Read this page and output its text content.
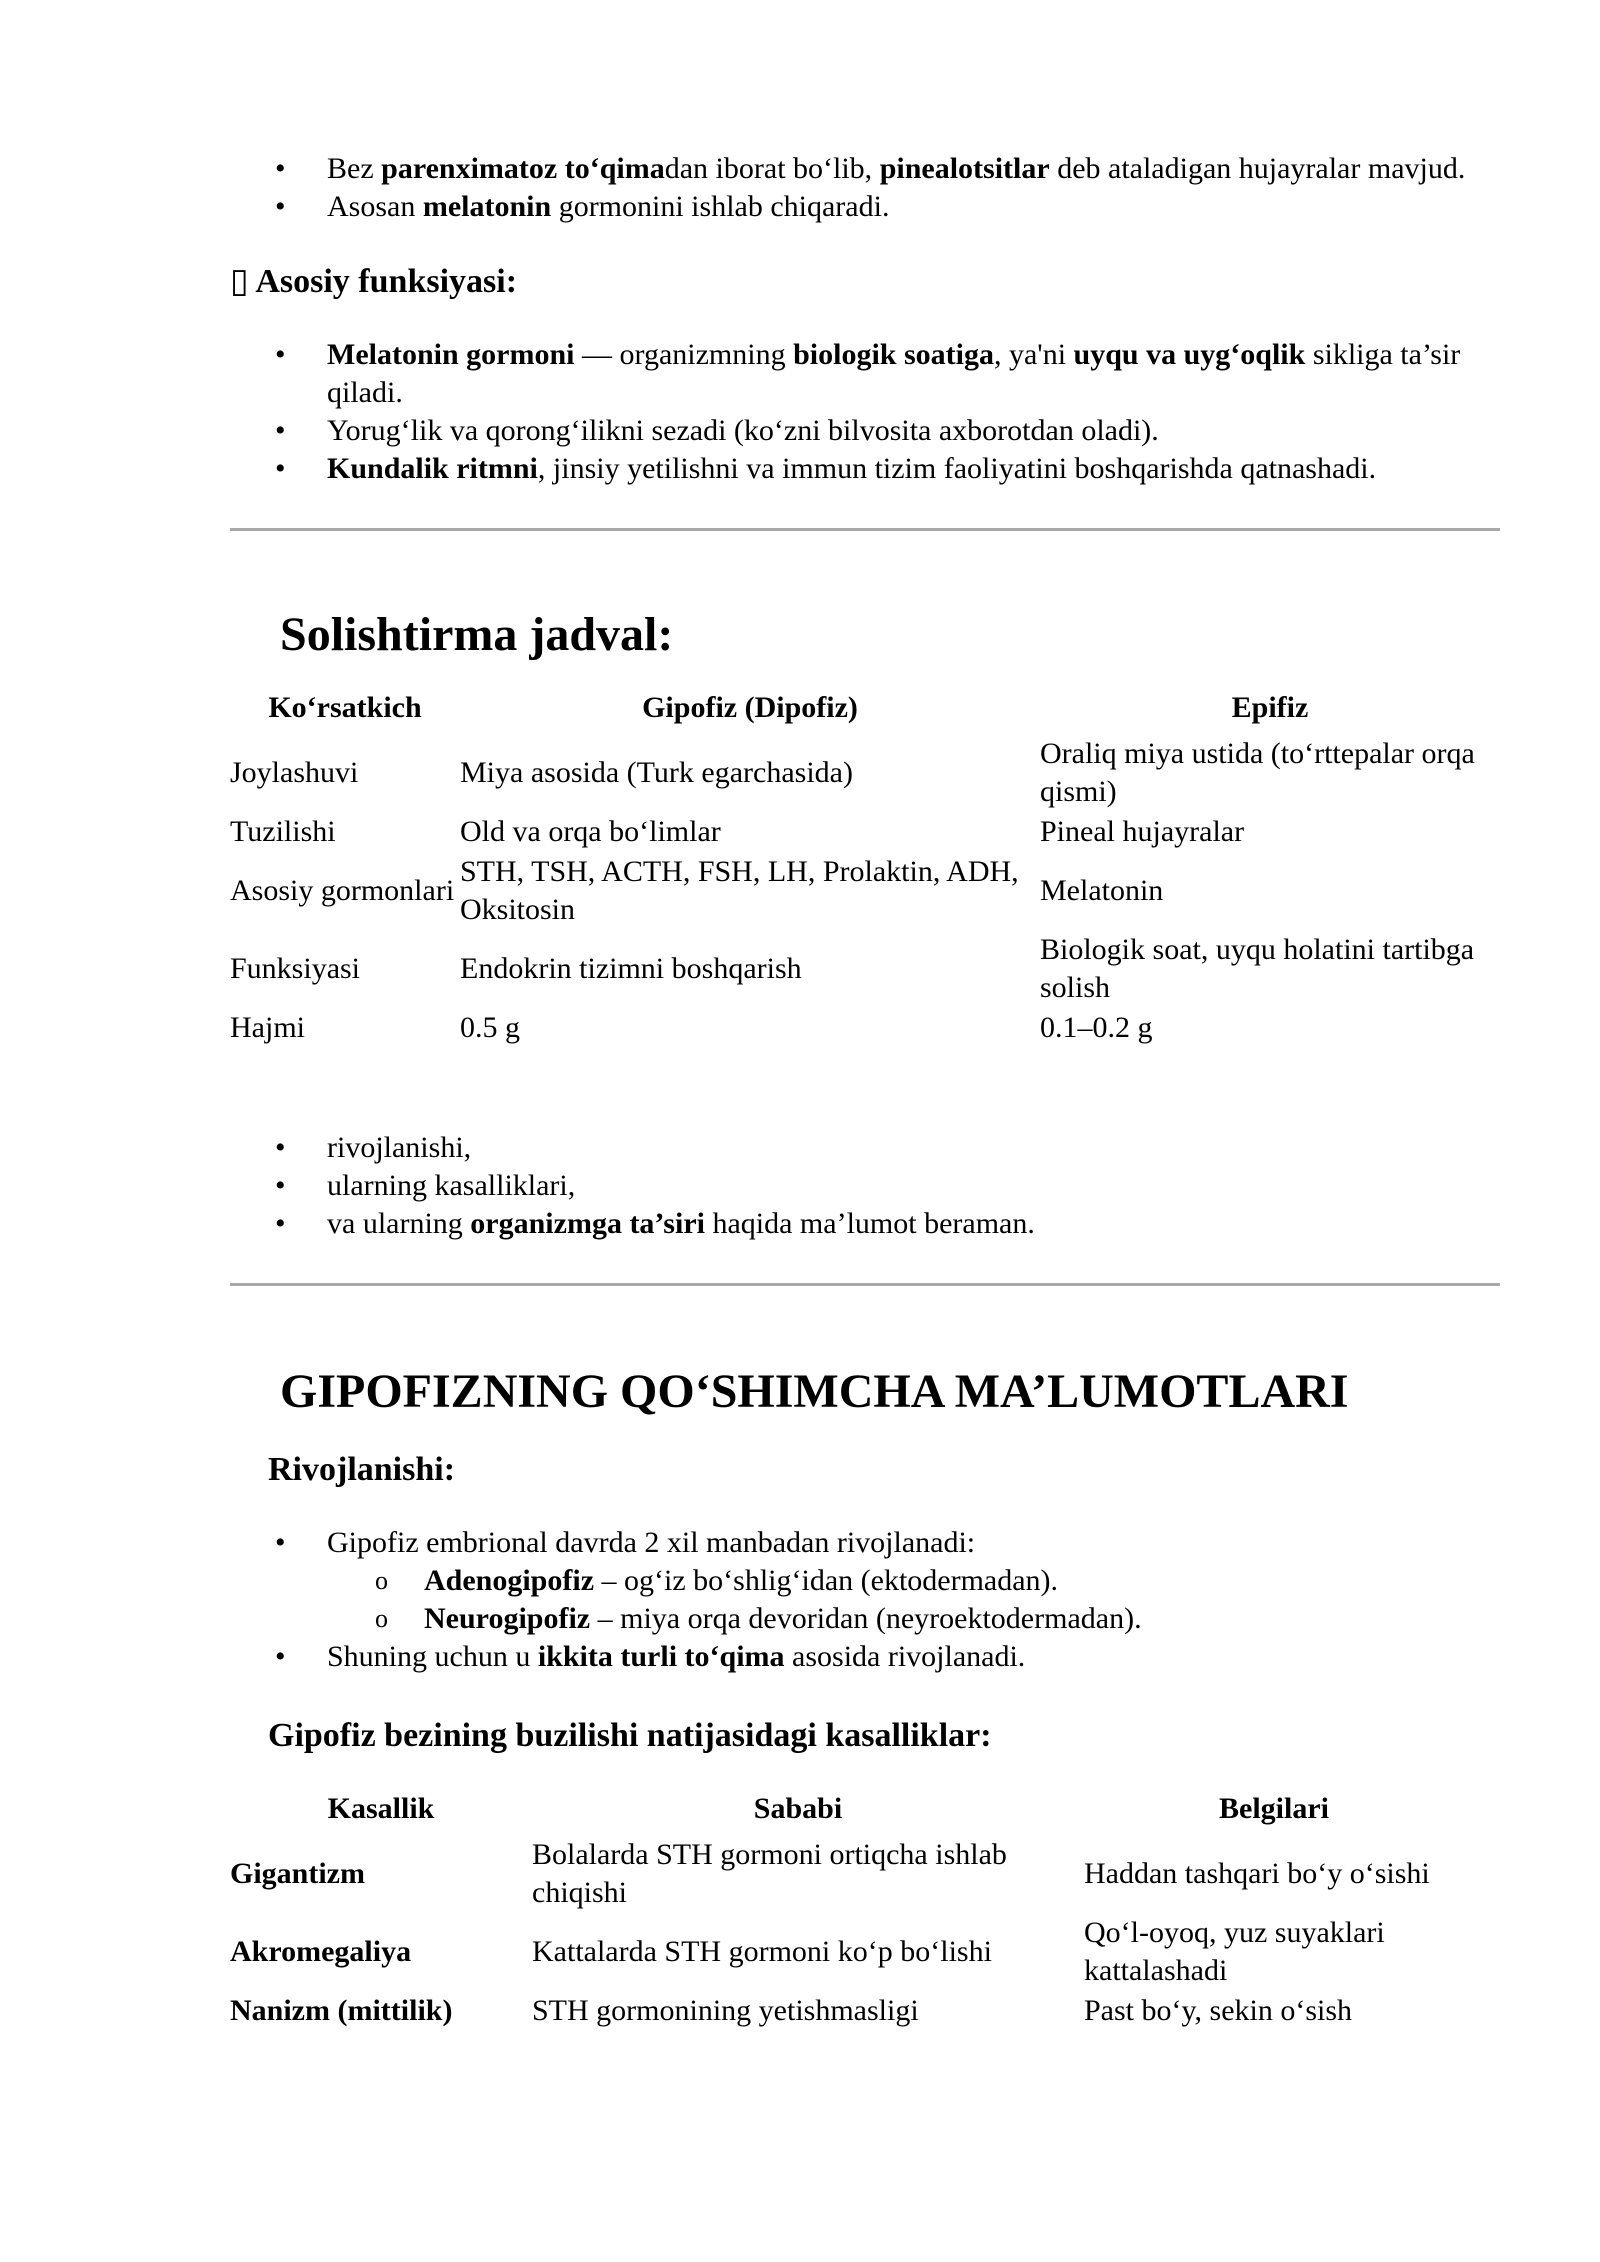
• Bez parenximatoz to‘qimadan iborat bo‘lib, pinealotsitlar deb ataladigan hujayralar mavjud.
• Asosan melatonin gormonini ishlab chiqaradi.
▯ Asosiy funksiyasi:
• Melatonin gormoni — organizmning biologik soatiga, ya'ni uyqu va uyg‘oqlik sikliga ta’sir qiladi.
• Yorug‘lik va qorong‘ilikni sezadi (ko‘zni bilvosita axborotdan oladi).
• Kundalik ritmni, jinsiy yetilishni va immun tizim faoliyatini boshqarishda qatnashadi.
Solishtirma jadval:
Ko‘rsatkich	Gipofiz (Dipofiz)	Epifiz
Joylashuvi	Miya asosida (Turk egarchasida)	Oraliq miya ustida (to‘rttepalar orqa qismi)
Tuzilishi	Old va orqa bo‘limlar	Pineal hujayralar
Asosiy gormonlari	STH, TSH, ACTH, FSH, LH, Prolaktin, ADH, Oksitosin	Melatonin
Funksiyasi	Endokrin tizimni boshqarish	Biologik soat, uyqu holatini tartibga solish
Hajmi	0.5 g	0.1–0.2 g
• rivojlanishi,
• ularning kasalliklari,
• va ularning organizmga ta’siri haqida ma’lumot beraman.
GIPOFIZNING QO‘SHIMCHA MA’LUMOTLARI
Rivojlanishi:
• Gipofiz embrional davrda 2 xil manbadan rivojlanadi:
o Adenogipofiz – og‘iz bo‘shlig‘idan (ektodermadan).
o Neurogipofiz – miya orqa devoridan (neyroektodermadan).
• Shuning uchun u ikkita turli to‘qima asosida rivojlanadi.
Gipofiz bezining buzilishi natijasidagi kasalliklar:
Kasallik	Sababi	Belgilari
Gigantizm	Bolalarda STH gormoni ortiqcha ishlab chiqishi	Haddan tashqari bo‘y o‘sishi
Akromegaliya	Kattalarda STH gormoni ko‘p bo‘lishi	Qo‘l-oyoq, yuz suyaklari kattalashadi
Nanizm (mittilik)	STH gormonining yetishmasligi	Past bo‘y, sekin o‘sish
